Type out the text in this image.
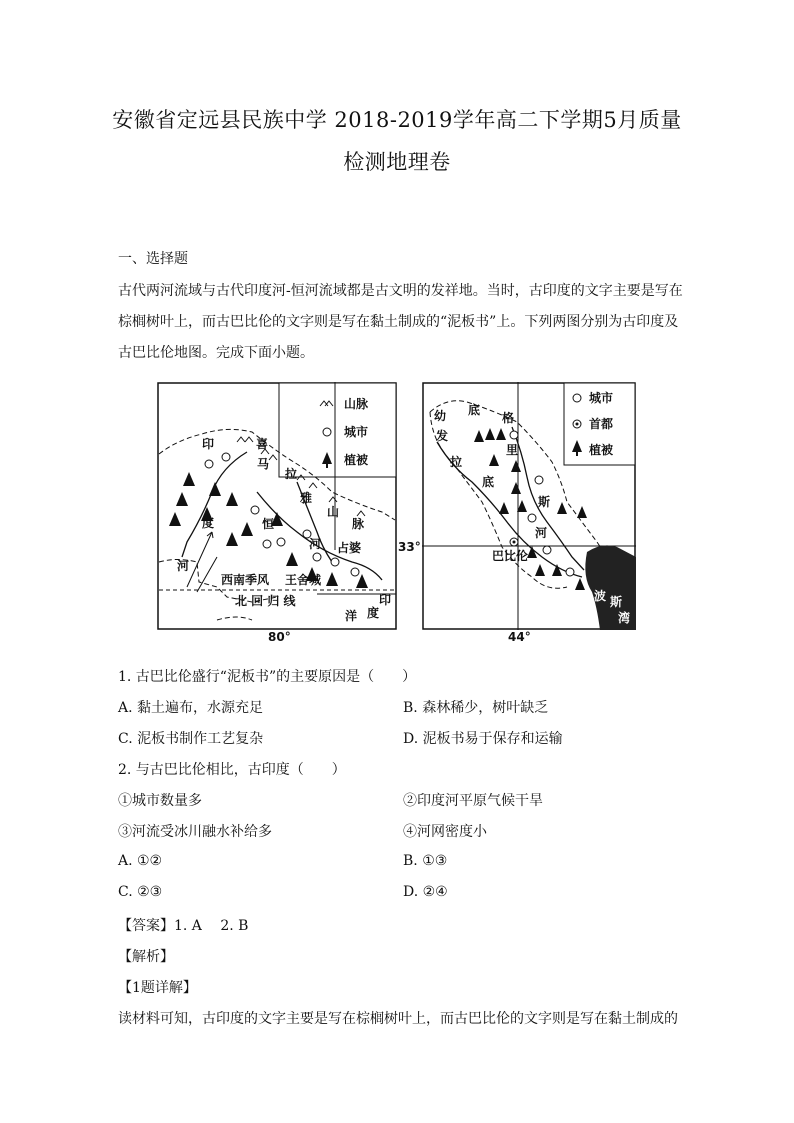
安徽省定远县民族中学 2018-2019学年高二下学期5月质量
检测地理卷
一、选择题
古代两河流域与古代印度河-恒河流域都是古文明的发祥地。当时，古印度的文字主要是写在棕榈树叶上，而古巴比伦的文字则是写在黏土制成的“泥板书”上。下列两图分别为古印度及古巴比伦地图。完成下面小题。
山脉
城市
植被
印
度
河
喜
马
拉
雅
山
脉
恒
河 占婆
西南季风 王舍城
北 回 归 线	印
洋 度
80°
城市
首都
植被
幼
发
拉
底
格
里
底
斯
河
巴比伦
波 斯
湾
33°
44°
1. 古巴比伦盛行“泥板书”的主要原因是（　　）
A. 黏土遍布，水源充足	B. 森林稀少，树叶缺乏
C. 泥板书制作工艺复杂	D. 泥板书易于保存和运输
2. 与古巴比伦相比，古印度（　　）
①城市数量多	②印度河平原气候干旱
③河流受冰川融水补给多	④河网密度小
A. ①②	B. ①③
C. ②③	D. ②④
【答案】1. A　 2. B
【解析】
【1题详解】
读材料可知，古印度的文字主要是写在棕榈树叶上，而古巴比伦的文字则是写在黏土制成的
